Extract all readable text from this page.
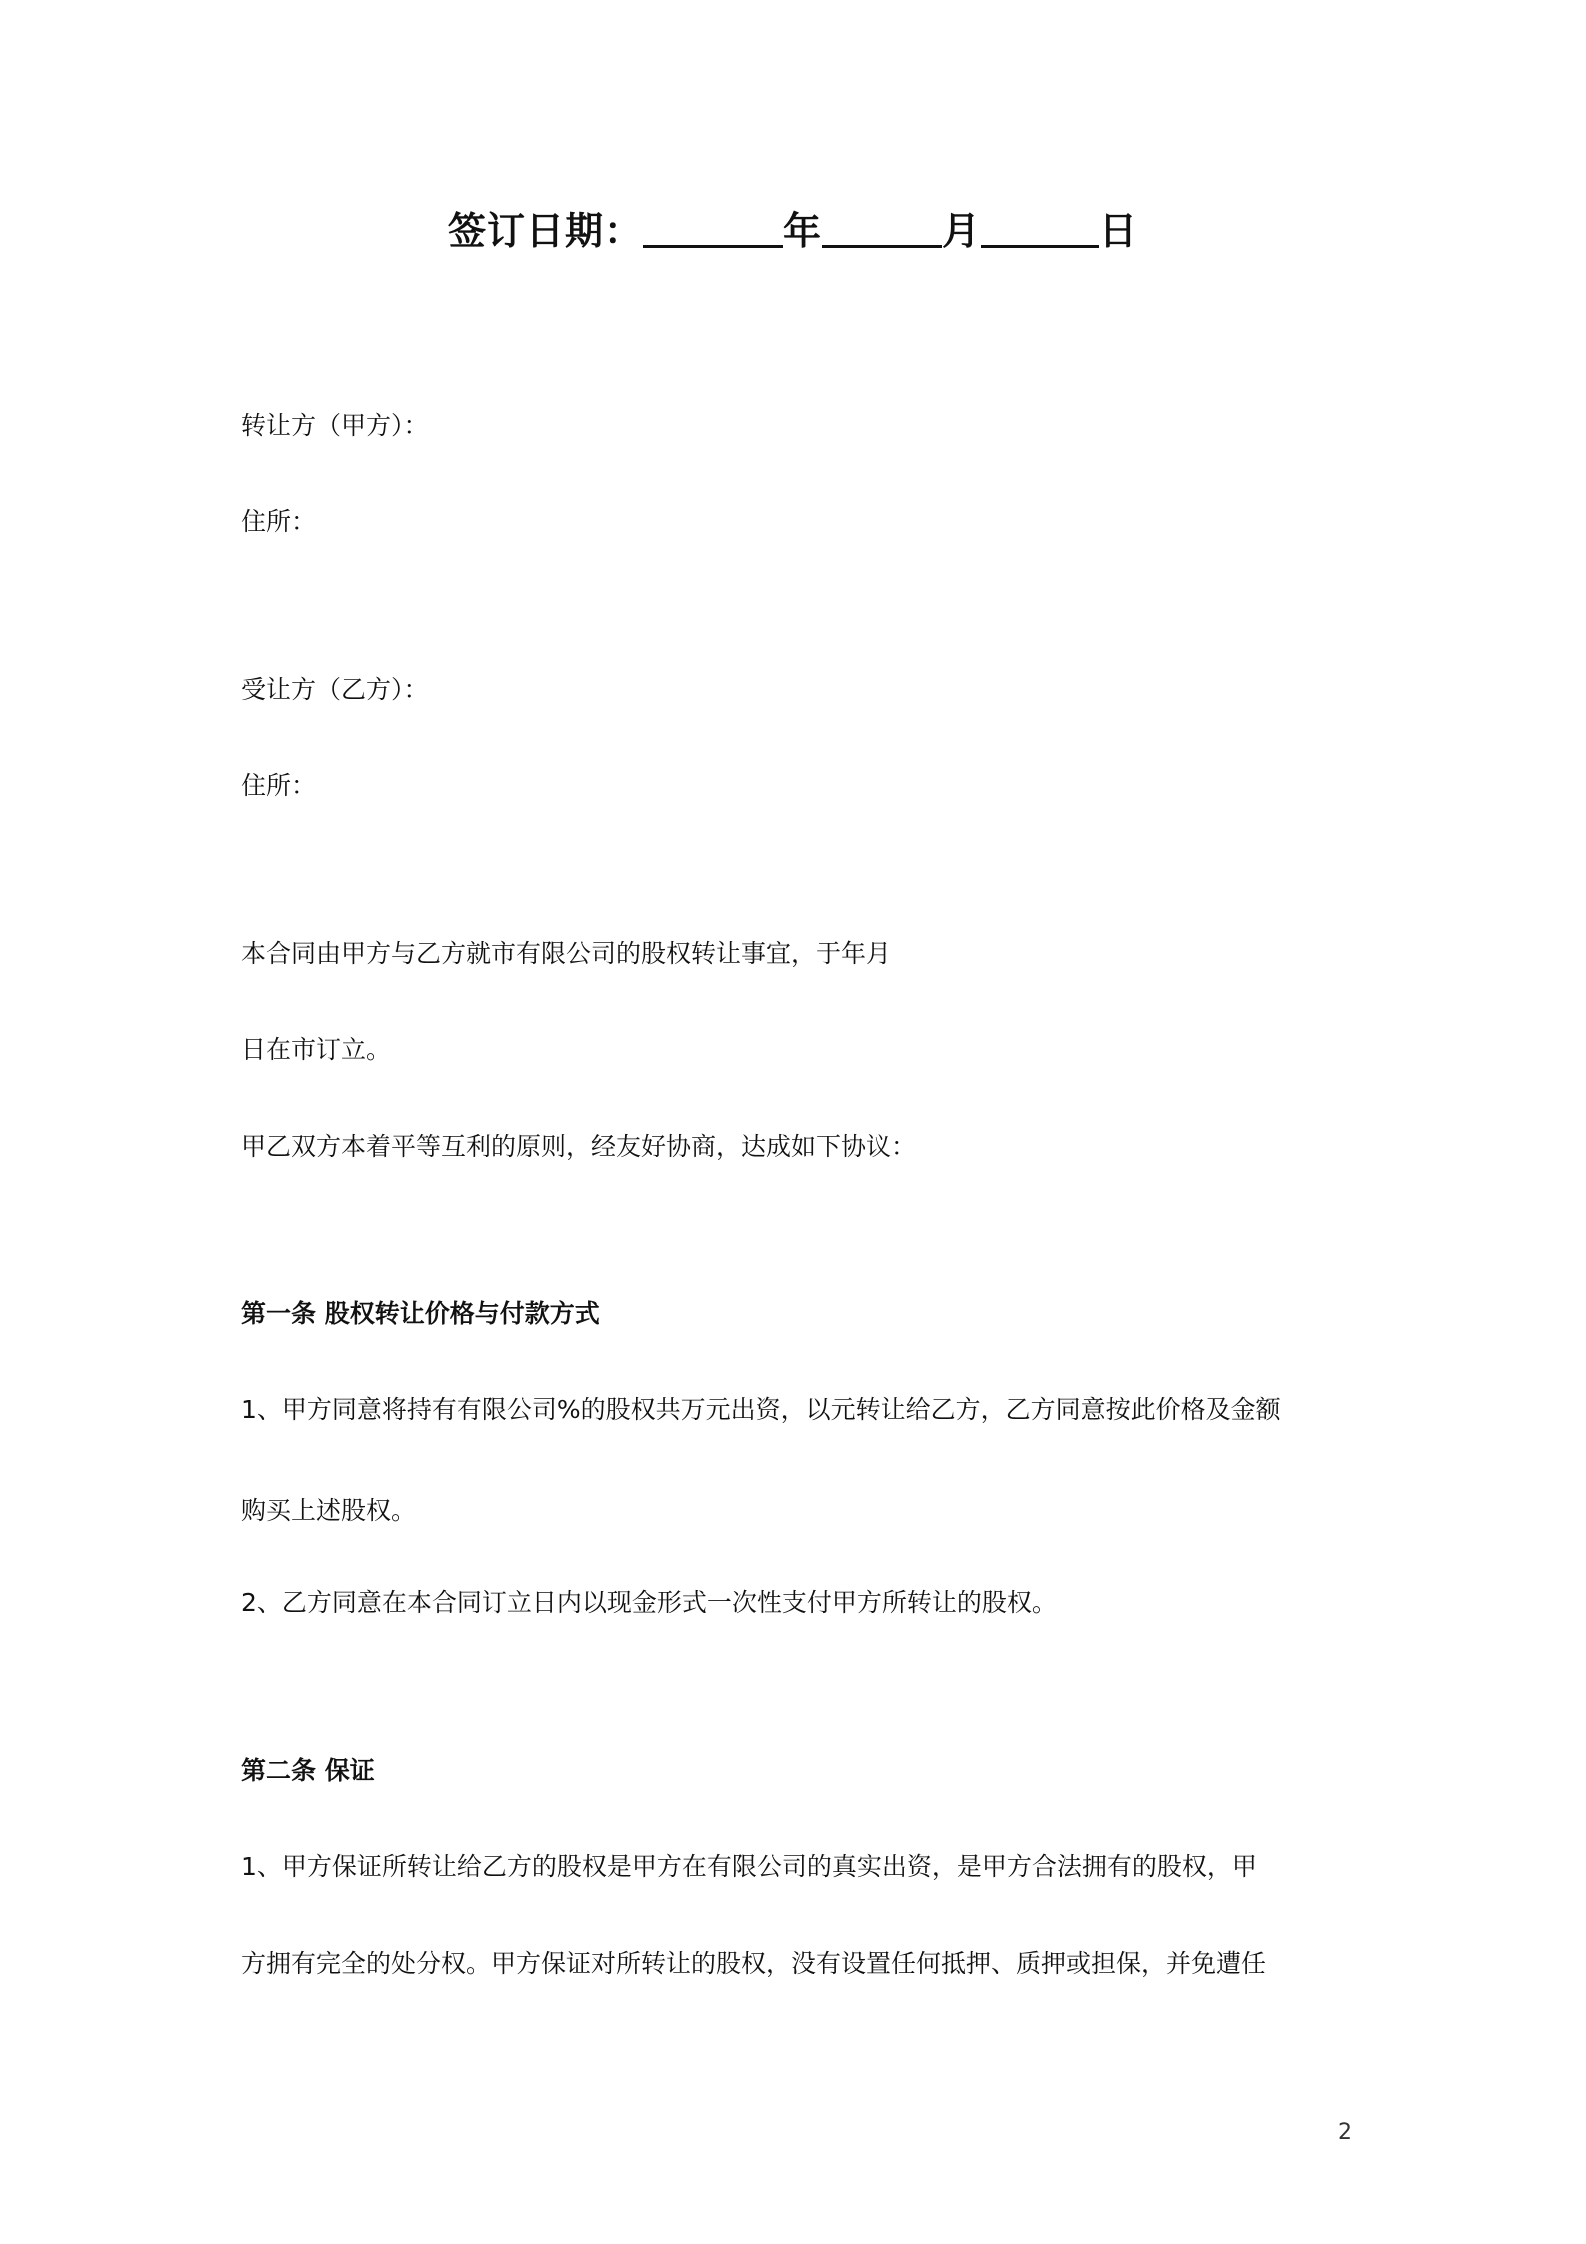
签订日期：	年	月	日
转让方（甲方）：
住所：
受让方（乙方）：
住所：
本合同由甲方与乙方就市有限公司的股权转让事宜，于年月
日在市订立。
甲乙双方本着平等互利的原则，经友好协商，达成如下协议：
第一条 股权转让价格与付款方式
1、甲方同意将持有有限公司%的股权共万元出资，以元转让给乙方，乙方同意按此价格及金额
购买上述股权。
2、乙方同意在本合同订立日内以现金形式一次性支付甲方所转让的股权。
第二条 保证
1、甲方保证所转让给乙方的股权是甲方在有限公司的真实出资，是甲方合法拥有的股权，甲
方拥有完全的处分权。甲方保证对所转让的股权，没有设置任何抵押、质押或担保，并免遭任
2
